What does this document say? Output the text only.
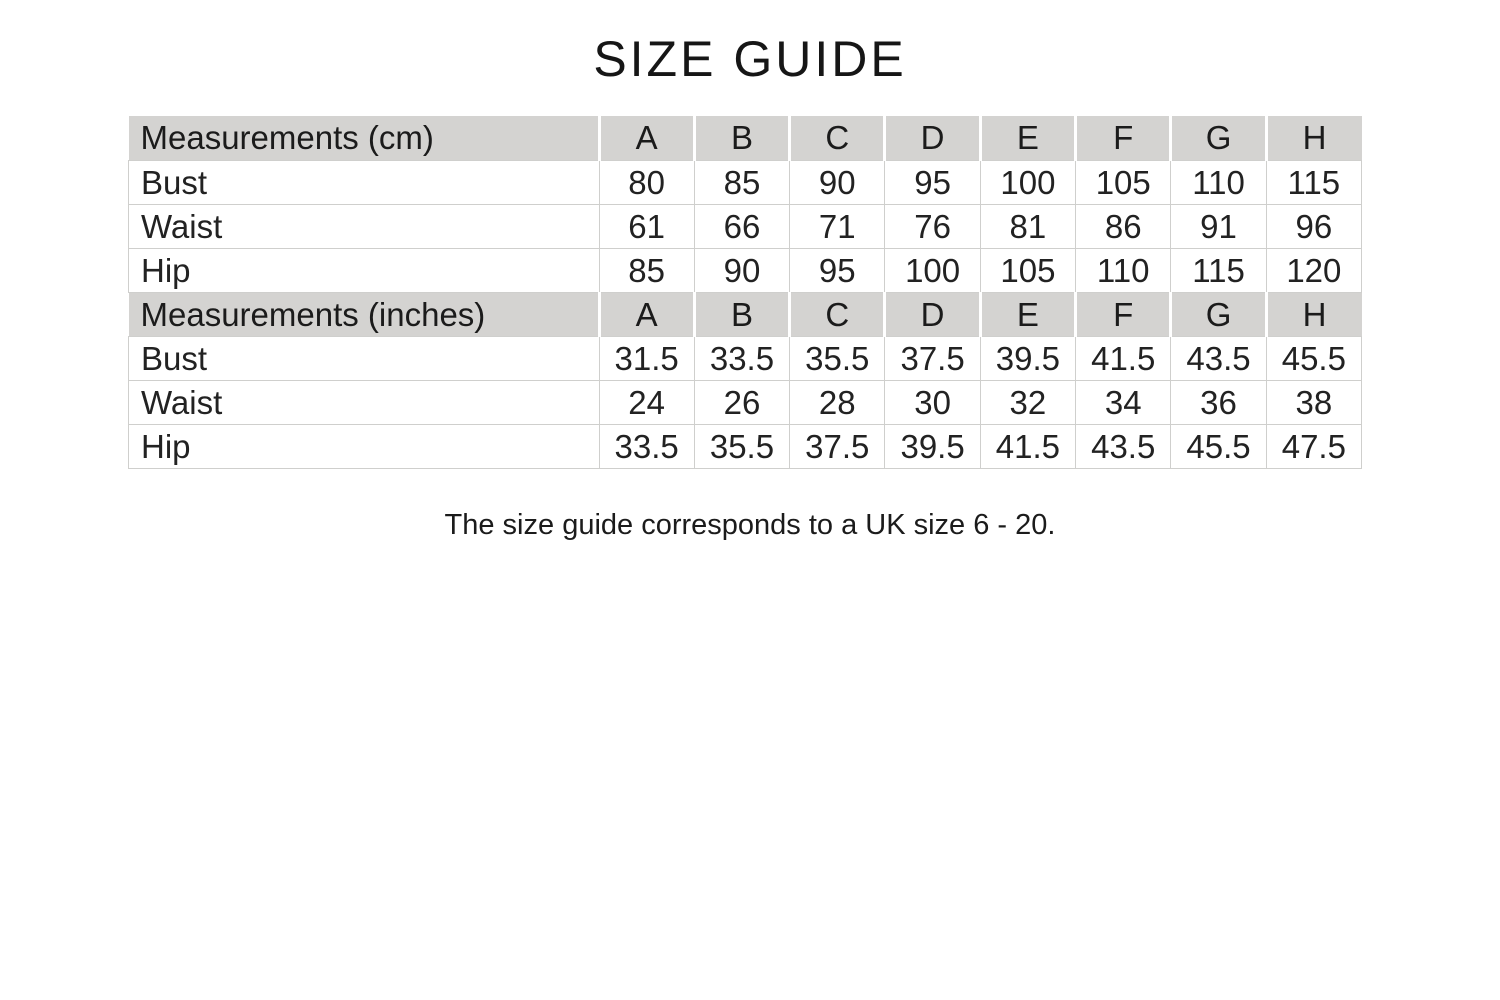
SIZE GUIDE
Measurements (cm)	A	B	C	D	E	F	G	H
Bust	80	85	90	95	100	105	110	115
Waist	61	66	71	76	81	86	91	96
Hip	85	90	95	100	105	110	115	120
Measurements (inches)	A	B	C	D	E	F	G	H
Bust	31.5	33.5	35.5	37.5	39.5	41.5	43.5	45.5
Waist	24	26	28	30	32	34	36	38
Hip	33.5	35.5	37.5	39.5	41.5	43.5	45.5	47.5

The size guide corresponds to a UK size 6 - 20.
